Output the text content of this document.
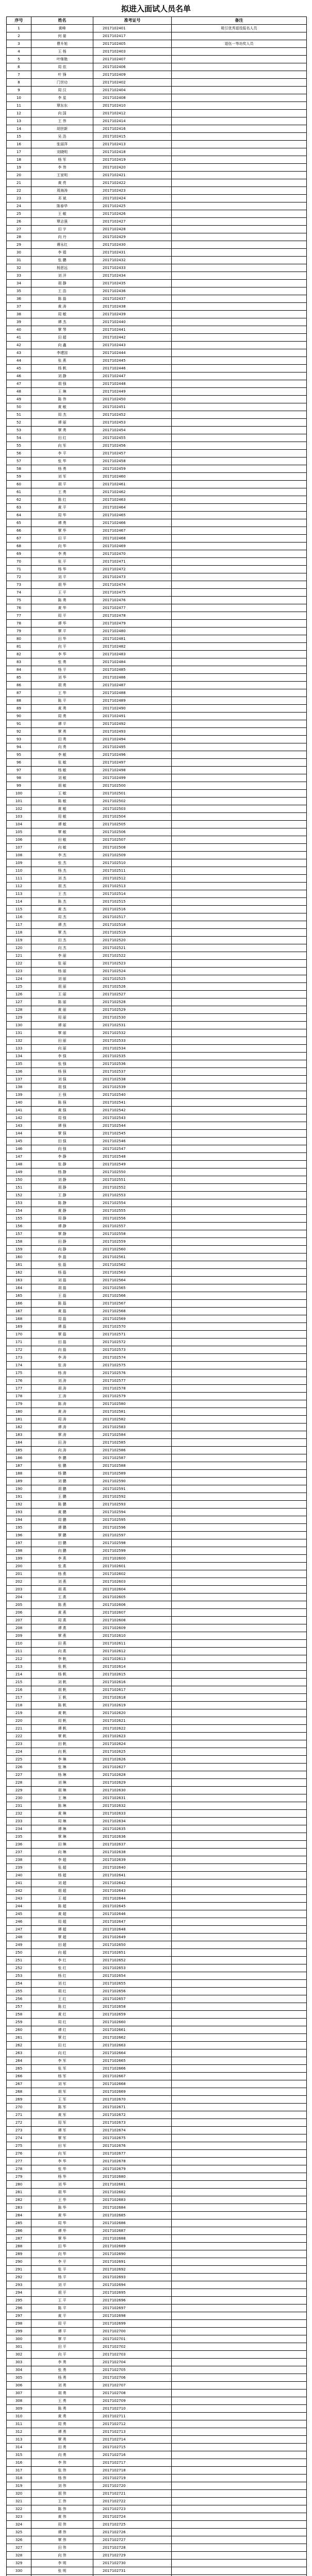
拟进入面试人员名单
序号	姓名	准考证号	备注
1	黄峰	2017102401	吸引优秀退役报名人员
2	何 晏	2017102417	
3	曹升旭	2017102405	退伍一等功奖人员
4	王 杨	2017102403	
5	叶继艳	2017102407	
6	周 依	2017102406	
7	叶 锋	2017102409	
8	门世功	2017102402	
9	周 汉	2017102404	
10	李 星	2017102408	
11	覃东东	2017102410	
12	向 国	2017102412	
13	王 伟	2017102414	
14	胡世新	2017102416	
15	吴 浩	2017102415	
16	张丽萍	2017102413	
17	刘晓明	2017102418	
18	杨 军	2017102419	
19	李 伟	2017102420	
20	王家明	2017102421	
21	黄 亮	2017102422	
22	周海涛	2017102423	
23	邓 斌	2017102424	
24	陈春华	2017102425	
25	王 敏	2017102426	
26	覃志强	2017102427	
27	田 宇	2017102428	
28	向 丹	2017102429	
29	谭永红	2017102430	
30	李 娟	2017102431	
31	张 鹏	2017102432	
32	杨思远	2017102433	
33	刘 洋	2017102434	
34	胡 静	2017102435	
35	王 浩	2017102436	
36	陈 磊	2017102437	
37	黄 涛	2017102438	
38	周 敏	2017102439	
39	谭 杰	2017102440	
40	覃 琴	2017102441	
41	田 超	2017102442	
42	向 鑫	2017102443	
43	李建国	2017102444	
44	张 燕	2017102445	
45	杨 帆	2017102446	
46	刘 静	2017102447	
47	胡 强	2017102448	
48	王 琳	2017102449	
49	陈 伟	2017102450	
50	黄 敏	2017102451	
51	周 杰	2017102452	
52	谭 丽	2017102453	
53	覃 勇	2017102454	
54	田 红	2017102455	
55	向 军	2017102456	
56	李 平	2017102457	
57	张 华	2017102458	
58	杨 勇	2017102459	
59	刘 军	2017102460	
60	胡 平	2017102461	
61	王 勇	2017102462	
62	陈 红	2017102463	
63	黄 平	2017102464	
64	周 华	2017102465	
65	谭 勇	2017102466	
66	覃 华	2017102467	
67	田 平	2017102468	
68	向 华	2017102469	
69	李 勇	2017102470	
70	张 平	2017102471	
71	杨 华	2017102472	
72	刘 平	2017102473	
73	胡 华	2017102474	
74	王 平	2017102475	
75	陈 勇	2017102476	
76	黄 华	2017102477	
77	周 平	2017102478	
78	谭 华	2017102479	
79	覃 平	2017102480	
80	田 华	2017102481	
81	向 平	2017102482	
82	李 华	2017102483	
83	张 勇	2017102484	
84	杨 平	2017102485	
85	刘 华	2017102486	
86	胡 勇	2017102487	
87	王 华	2017102488	
88	陈 平	2017102489	
89	黄 勇	2017102490	
90	周 勇	2017102491	
91	谭 平	2017102492	
92	覃 勇	2017102493	
93	田 勇	2017102494	
94	向 勇	2017102495	
95	李 敏	2017102496	
96	张 敏	2017102497	
97	杨 敏	2017102498	
98	刘 敏	2017102499	
99	胡 敏	2017102500	
100	王 敏	2017102501	
101	陈 敏	2017102502	
102	黄 敏	2017102503	
103	周 敏	2017102504	
104	谭 敏	2017102505	
105	覃 敏	2017102506	
106	田 敏	2017102507	
107	向 敏	2017102508	
108	李 杰	2017102509	
109	张 杰	2017102510	
110	杨 杰	2017102511	
111	刘 杰	2017102512	
112	胡 杰	2017102513	
113	王 杰	2017102514	
114	陈 杰	2017102515	
115	黄 杰	2017102516	
116	周 杰	2017102517	
117	谭 杰	2017102518	
118	覃 杰	2017102519	
119	田 杰	2017102520	
120	向 杰	2017102521	
121	李 丽	2017102522	
122	张 丽	2017102523	
123	杨 丽	2017102524	
124	刘 丽	2017102525	
125	胡 丽	2017102526	
126	王 丽	2017102527	
127	陈 丽	2017102528	
128	黄 丽	2017102529	
129	周 丽	2017102530	
130	谭 丽	2017102531	
131	覃 丽	2017102532	
132	田 丽	2017102533	
133	向 丽	2017102534	
134	李 强	2017102535	
135	张 强	2017102536	
136	杨 强	2017102537	
137	刘 强	2017102538	
138	胡 强	2017102539	
139	王 强	2017102540	
140	陈 强	2017102541	
141	黄 强	2017102542	
142	周 强	2017102543	
143	谭 强	2017102544	
144	覃 强	2017102545	
145	田 强	2017102546	
146	向 强	2017102547	
147	李 静	2017102548	
148	张 静	2017102549	
149	杨 静	2017102550	
150	刘 静	2017102551	
151	胡 静	2017102552	
152	王 静	2017102553	
153	陈 静	2017102554	
154	黄 静	2017102555	
155	周 静	2017102556	
156	谭 静	2017102557	
157	覃 静	2017102558	
158	田 静	2017102559	
159	向 静	2017102560	
160	李 磊	2017102561	
161	张 磊	2017102562	
162	杨 磊	2017102563	
163	刘 磊	2017102564	
164	胡 磊	2017102565	
165	王 磊	2017102566	
166	陈 磊	2017102567	
167	黄 磊	2017102568	
168	周 磊	2017102569	
169	谭 磊	2017102570	
170	覃 磊	2017102571	
171	田 磊	2017102572	
172	向 磊	2017102573	
173	李 涛	2017102574	
174	张 涛	2017102575	
175	杨 涛	2017102576	
176	刘 涛	2017102577	
177	胡 涛	2017102578	
178	王 涛	2017102579	
179	陈 涛	2017102580	
180	黄 涛	2017102581	
181	周 涛	2017102582	
182	谭 涛	2017102583	
183	覃 涛	2017102584	
184	田 涛	2017102585	
185	向 涛	2017102586	
186	李 鹏	2017102587	
187	张 鹏	2017102588	
188	杨 鹏	2017102589	
189	刘 鹏	2017102590	
190	胡 鹏	2017102591	
191	王 鹏	2017102592	
192	陈 鹏	2017102593	
193	黄 鹏	2017102594	
194	周 鹏	2017102595	
195	谭 鹏	2017102596	
196	覃 鹏	2017102597	
197	田 鹏	2017102598	
198	向 鹏	2017102599	
199	李 燕	2017102600	
200	张 燕	2017102601	
201	杨 燕	2017102602	
202	刘 燕	2017102603	
203	胡 燕	2017102604	
204	王 燕	2017102605	
205	陈 燕	2017102606	
206	黄 燕	2017102607	
207	周 燕	2017102608	
208	谭 燕	2017102609	
209	覃 燕	2017102610	
210	田 燕	2017102611	
211	向 燕	2017102612	
212	李 帆	2017102613	
213	张 帆	2017102614	
214	杨 帆	2017102615	
215	刘 帆	2017102616	
216	胡 帆	2017102617	
217	王 帆	2017102618	
218	陈 帆	2017102619	
219	黄 帆	2017102620	
220	周 帆	2017102621	
221	谭 帆	2017102622	
222	覃 帆	2017102623	
223	田 帆	2017102624	
224	向 帆	2017102625	
225	李 琳	2017102626	
226	张 琳	2017102627	
227	杨 琳	2017102628	
228	刘 琳	2017102629	
229	胡 琳	2017102630	
230	王 琳	2017102631	
231	陈 琳	2017102632	
232	黄 琳	2017102633	
233	周 琳	2017102634	
234	谭 琳	2017102635	
235	覃 琳	2017102636	
236	田 琳	2017102637	
237	向 琳	2017102638	
238	李 超	2017102639	
239	张 超	2017102640	
240	杨 超	2017102641	
241	刘 超	2017102642	
242	胡 超	2017102643	
243	王 超	2017102644	
244	陈 超	2017102645	
245	黄 超	2017102646	
246	周 超	2017102647	
247	谭 超	2017102648	
248	覃 超	2017102649	
249	田 超	2017102650	
250	向 超	2017102651	
251	李 红	2017102652	
252	张 红	2017102653	
253	杨 红	2017102654	
254	刘 红	2017102655	
255	胡 红	2017102656	
256	王 红	2017102657	
257	陈 红	2017102658	
258	黄 红	2017102659	
259	周 红	2017102660	
260	谭 红	2017102661	
261	覃 红	2017102662	
262	田 红	2017102663	
263	向 红	2017102664	
264	李 军	2017102665	
265	张 军	2017102666	
266	杨 军	2017102667	
267	刘 军	2017102668	
268	胡 军	2017102669	
269	王 军	2017102670	
270	陈 军	2017102671	
271	黄 军	2017102672	
272	周 军	2017102673	
273	谭 军	2017102674	
274	覃 军	2017102675	
275	田 军	2017102676	
276	向 军	2017102677	
277	李 华	2017102678	
278	张 华	2017102679	
279	杨 华	2017102680	
280	刘 华	2017102681	
281	胡 华	2017102682	
282	王 华	2017102683	
283	陈 华	2017102684	
284	黄 华	2017102685	
285	周 华	2017102686	
286	谭 华	2017102687	
287	覃 华	2017102688	
288	田 华	2017102689	
289	向 华	2017102690	
290	李 平	2017102691	
291	张 平	2017102692	
292	杨 平	2017102693	
293	刘 平	2017102694	
294	胡 平	2017102695	
295	王 平	2017102696	
296	陈 平	2017102697	
297	黄 平	2017102698	
298	周 平	2017102699	
299	谭 平	2017102700	
300	覃 平	2017102701	
301	田 平	2017102702	
302	向 平	2017102703	
303	李 勇	2017102704	
304	张 勇	2017102705	
305	杨 勇	2017102706	
306	刘 勇	2017102707	
307	胡 勇	2017102708	
308	王 勇	2017102709	
309	陈 勇	2017102710	
310	黄 勇	2017102711	
311	周 勇	2017102712	
312	谭 勇	2017102713	
313	覃 勇	2017102714	
314	田 勇	2017102715	
315	向 勇	2017102716	
316	李 伟	2017102717	
317	张 伟	2017102718	
318	杨 伟	2017102719	
319	刘 伟	2017102720	
320	胡 伟	2017102721	
321	王 伟	2017102722	
322	陈 伟	2017102723	
323	黄 伟	2017102724	
324	周 伟	2017102725	
325	谭 伟	2017102726	
326	覃 伟	2017102727	
327	田 伟	2017102728	
328	向 伟	2017102729	
329	李 明	2017102730	
330	张 明	2017102731	
